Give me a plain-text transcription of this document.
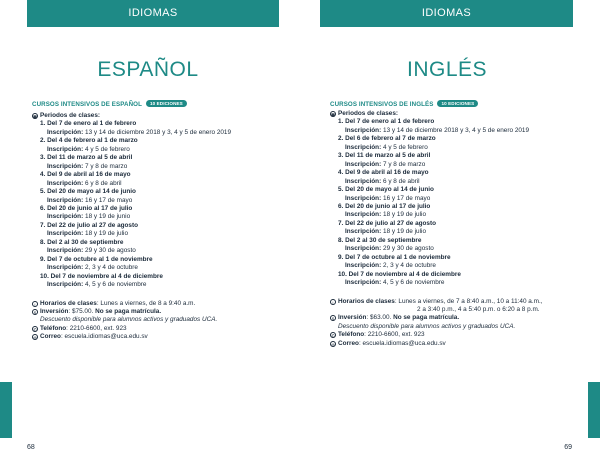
IDIOMAS
ESPAÑOL
CURSOS INTENSIVOS DE ESPAÑOL 10 EDICIONES
▦ Periodos de clases:
1. Del 7 de enero al 1 de febrero
Inscripción: 13 y 14 de diciembre 2018 y 3, 4 y 5 de enero 2019
2. Del 4 de febrero al 1 de marzo
Inscripción: 4 y 5 de febrero
3. Del 11 de marzo al 5 de abril
Inscripción: 7 y 8 de marzo
4. Del 9 de abril al 16 de mayo
Inscripción: 6 y 8 de abril
5. Del 20 de mayo al 14 de junio
Inscripción: 16 y 17 de mayo
6. Del 20 de junio al 17 de julio
Inscripción: 18 y 19 de junio
7. Del 22 de julio al 27 de agosto
Inscripción: 18 y 19 de julio
8. Del 2 al 30 de septiembre
Inscripción: 29 y 30 de agosto
9. Del 7 de octubre al 1 de noviembre
Inscripción: 2, 3 y 4 de octubre
10. Del 7 de noviembre al 4 de diciembre
Inscripción: 4, 5 y 6 de noviembre
i Horarios de clases: Lunes a viernes, de 8 a 9:40 a.m.
$ Inversión: $75.00. No se paga matrícula.
Descuento disponible para alumnos activos y graduados UCA.
✆ Teléfono: 2210-6600, ext. 923
@ Correo: escuela.idiomas@uca.edu.sv
68
IDIOMAS
INGLÉS
CURSOS INTENSIVOS DE INGLÉS 10 EDICIONES
▦ Periodos de clases:
1. Del 7 de enero al 1 de febrero
Inscripción: 13 y 14 de diciembre 2018 y 3, 4 y 5 de enero 2019
2. Del 6 de febrero al 7 de marzo
Inscripción: 4 y 5 de febrero
3. Del 11 de marzo al 5 de abril
Inscripción: 7 y 8 de marzo
4. Del 9 de abril al 16 de mayo
Inscripción: 6 y 8 de abril
5. Del 20 de mayo al 14 de junio
Inscripción: 16 y 17 de mayo
6. Del 20 de junio al 17 de julio
Inscripción: 18 y 19 de julio
7. Del 22 de julio al 27 de agosto
Inscripción: 18 y 19 de julio
8. Del 2 al 30 de septiembre
Inscripción: 29 y 30 de agosto
9. Del 7 de octubre al 1 de noviembre
Inscripción: 2, 3 y 4 de octubre
10. Del 7 de noviembre al 4 de diciembre
Inscripción: 4, 5 y 6 de noviembre
i Horarios de clases: Lunes a viernes, de 7 a 8:40 a.m., 10 a 11:40 a.m.,
2 a 3:40 p.m., 4 a 5:40 p.m. o 6:20 a 8 p.m.
$ Inversión: $63.00. No se paga matrícula.
Descuento disponible para alumnos activos y graduados UCA.
✆ Teléfono: 2210-6600, ext. 923
@ Correo: escuela.idiomas@uca.edu.sv
69
